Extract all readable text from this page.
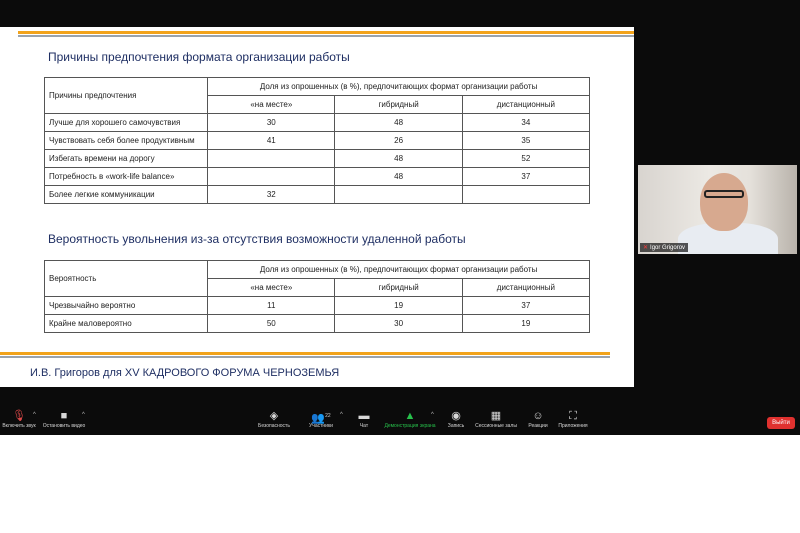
Причины предпочтения формата организации работы
Причины предпочтения	Доля из опрошенных (в %), предпочитающих формат организации работы		
	«на месте»	гибридный	дистанционный
Лучше для хорошего самочувствия	30	48	34
Чувствовать себя более продуктивным	41	26	35
Избегать времени на дорогу		48	52
Потребность в «work-life balance»		48	37
Более легкие коммуникации	32		
Вероятность увольнения из-за отсутствия возможности удаленной работы
Вероятность	Доля из опрошенных (в %), предпочитающих формат организации работы		
	«на месте»	гибридный	дистанционный
Чрезвычайно вероятно	11	19	37
Крайне маловероятно	50	30	19
И.В. Григоров для XV КАДРОВОГО ФОРУМА ЧЕРНОЗЕМЬЯ
✕ Igor Grigorov
🎙
Включить звук
^ ■
Остановить видео
^	◈
Безопасность
👥$^{22}$
Участники
^ ▬
Чат
▲
Демонстрация экрана
^ ◉
Запись
▦
Сессионные залы
☺
Реакции
⛶
Приложения	Выйти
